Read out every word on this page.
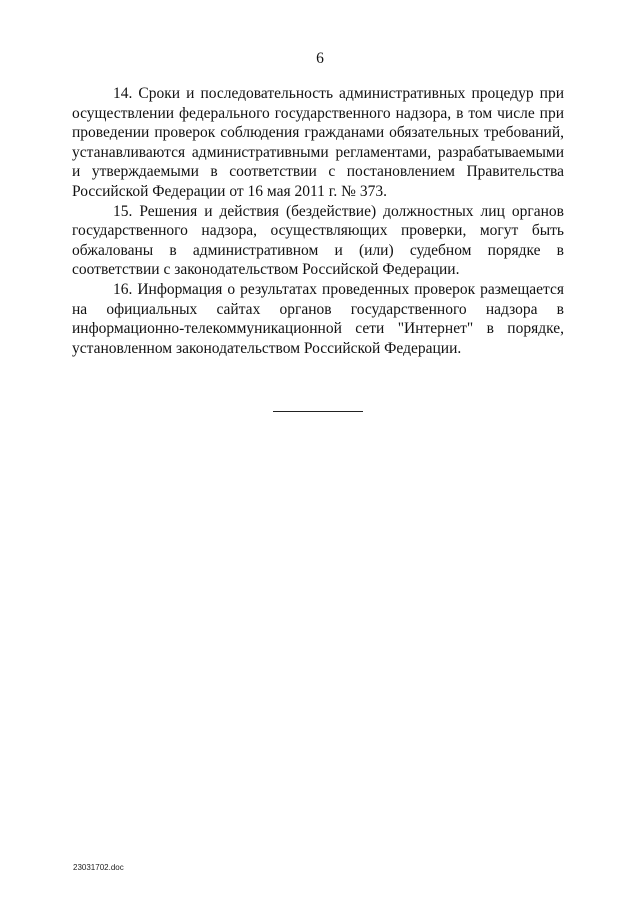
6

14. Сроки и последовательность административных процедур при осуществлении федерального государственного надзора, в том числе при проведении проверок соблюдения гражданами обязательных требований, устанавливаются административными регламентами, разрабатываемыми и утверждаемыми в соответствии с постановлением Правительства Российской Федерации от 16 мая 2011 г. № 373.

15. Решения и действия (бездействие) должностных лиц органов государственного надзора, осуществляющих проверки, могут быть обжалованы в административном и (или) судебном порядке в соответствии с законодательством Российской Федерации.

16. Информация о результатах проведенных проверок размещается на официальных сайтах органов государственного надзора в информационно-телекоммуникационной сети "Интернет" в порядке, установленном законодательством Российской Федерации.

23031702.doc
